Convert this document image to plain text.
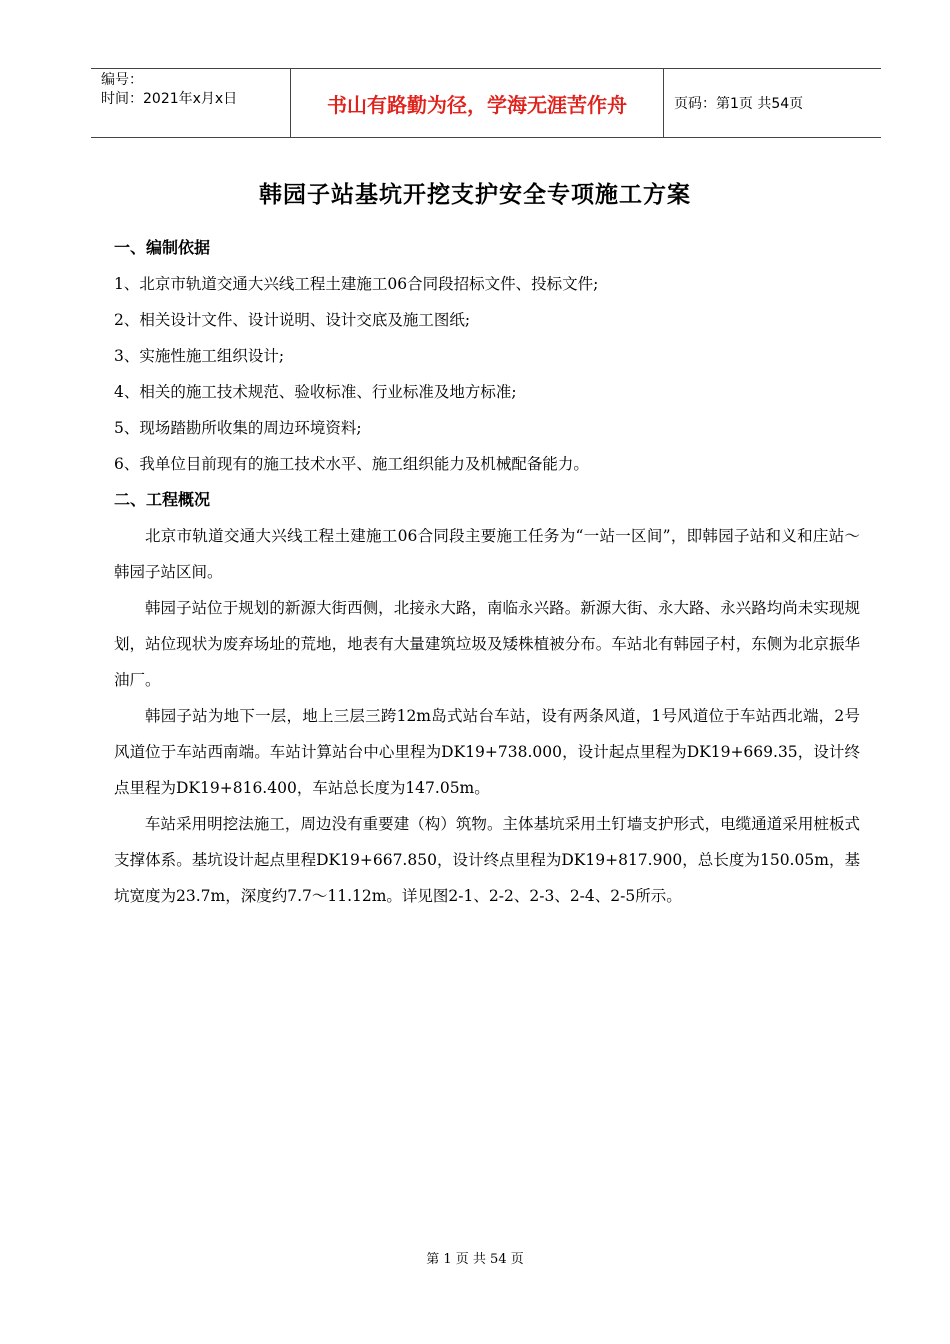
编号：
时间：2021年x月x日	书山有路勤为径，学海无涯苦作舟	页码：第1页 共54页
韩园子站基坑开挖支护安全专项施工方案
一、编制依据
1、北京市轨道交通大兴线工程土建施工06合同段招标文件、投标文件;
2、相关设计文件、设计说明、设计交底及施工图纸;
3、实施性施工组织设计;
4、相关的施工技术规范、验收标准、行业标准及地方标准;
5、现场踏勘所收集的周边环境资料;
6、我单位目前现有的施工技术水平、施工组织能力及机械配备能力。
二、工程概况

北京市轨道交通大兴线工程土建施工06合同段主要施工任务为“一站一区间”，即韩园子站和义和庄站～韩园子站区间。

韩园子站位于规划的新源大街西侧，北接永大路，南临永兴路。新源大街、永大路、永兴路均尚未实现规划，站位现状为废弃场址的荒地，地表有大量建筑垃圾及矮株植被分布。车站北有韩园子村，东侧为北京振华油厂。

韩园子站为地下一层，地上三层三跨12m岛式站台车站，设有两条风道，1号风道位于车站西北端，2号风道位于车站西南端。车站计算站台中心里程为DK19+738.000，设计起点里程为DK19+669.35，设计终点里程为DK19+816.400，车站总长度为147.05m。

车站采用明挖法施工，周边没有重要建（构）筑物。主体基坑采用土钉墙支护形式，电缆通道采用桩板式支撑体系。基坑设计起点里程DK19+667.850，设计终点里程为DK19+817.900，总长度为150.05m，基坑宽度为23.7m，深度约7.7～11.12m。详见图2-1、2-2、2-3、2-4、2-5所示。

第 1 页 共 54 页
